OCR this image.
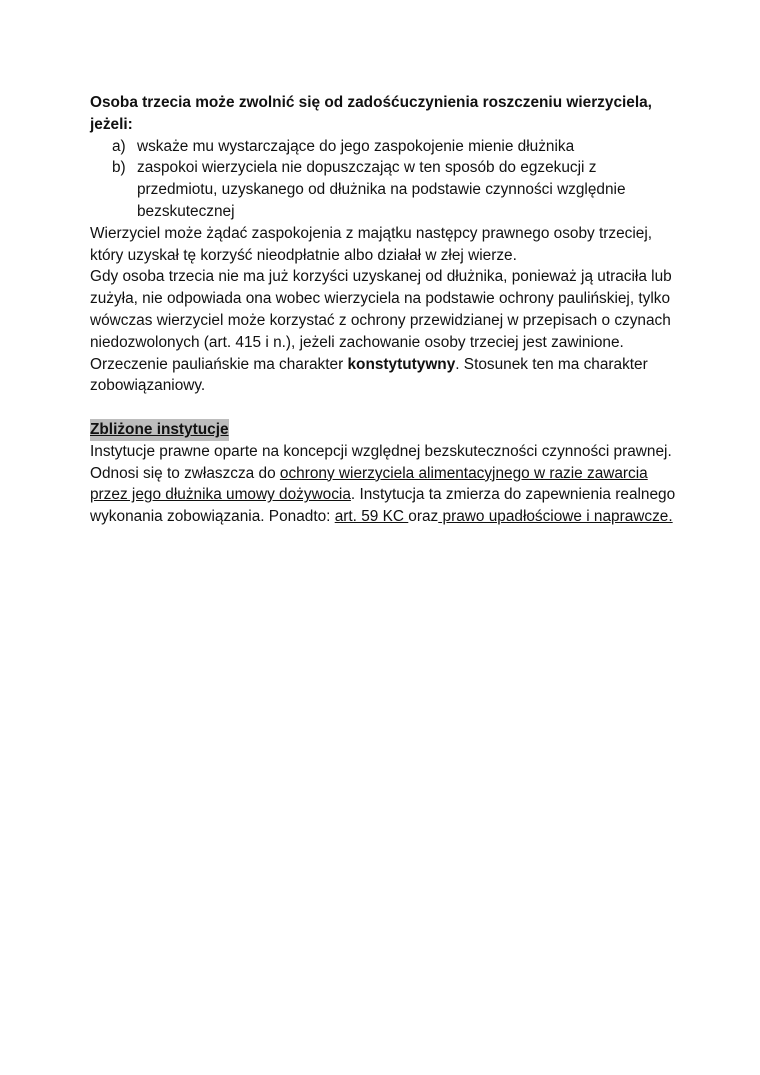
Osoba trzecia może zwolnić się od zadośćuczynienia roszczeniu wierzyciela, jeżeli:

a) wskaże mu wystarczające do jego zaspokojenie mienie dłużnika
b) zaspokoi wierzyciela nie dopuszczając w ten sposób do egzekucji z przedmiotu, uzyskanego od dłużnika na podstawie czynności względnie bezskutecznej

Wierzyciel może żądać zaspokojenia z majątku następcy prawnego osoby trzeciej, który uzyskał tę korzyść nieodpłatnie albo działał w złej wierze.

Gdy osoba trzecia nie ma już korzyści uzyskanej od dłużnika, ponieważ ją utraciła lub zużyła, nie odpowiada ona wobec wierzyciela na podstawie ochrony paulińskiej, tylko wówczas wierzyciel może korzystać z ochrony przewidzianej w przepisach o czynach niedozwolonych (art. 415 i n.), jeżeli zachowanie osoby trzeciej jest zawinione.

Orzeczenie pauliańskie ma charakter konstytutywny. Stosunek ten ma charakter zobowiązaniowy.

Zbliżone instytucje

Instytucje prawne oparte na koncepcji względnej bezskuteczności czynności prawnej. Odnosi się to zwłaszcza do ochrony wierzyciela alimentacyjnego w razie zawarcia przez jego dłużnika umowy dożywocia. Instytucja ta zmierza do zapewnienia realnego wykonania zobowiązania. Ponadto: art. 59 KC oraz prawo upadłościowe i naprawcze.
